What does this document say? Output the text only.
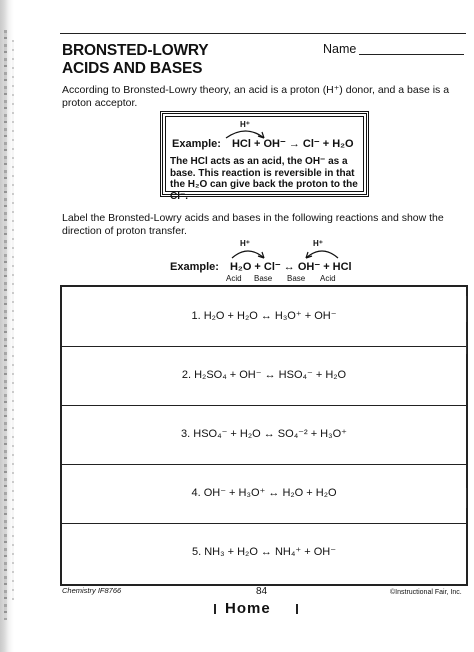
BRONSTED-LOWRY
ACIDS AND BASES
Name
According to Bronsted-Lowry theory, an acid is a proton (H⁺) donor, and a base is a proton acceptor.
H⁺
Example: HCl + OH⁻ → Cl⁻ + H₂O
The HCl acts as an acid, the OH⁻ as a base. This reaction is reversible in that the H₂O can give back the proton to the Cl⁻.
Label the Bronsted-Lowry acids and bases in the following reactions and show the direction of proton transfer.
H⁺	H⁺
Example: H₂O + Cl⁻ ↔ OH⁻ + HCl
Acid Base Base Acid
1. H₂O + H₂O ↔ H₃O⁺ + OH⁻
2. H₂SO₄ + OH⁻ ↔ HSO₄⁻ + H₂O
3. HSO₄⁻ + H₂O ↔ SO₄⁻² + H₃O⁺
4. OH⁻ + H₃O⁺ ↔ H₂O + H₂O
5. NH₃ + H₂O ↔ NH₄⁺ + OH⁻
Chemistry IF8766	84	©Instructional Fair, Inc.
Home
